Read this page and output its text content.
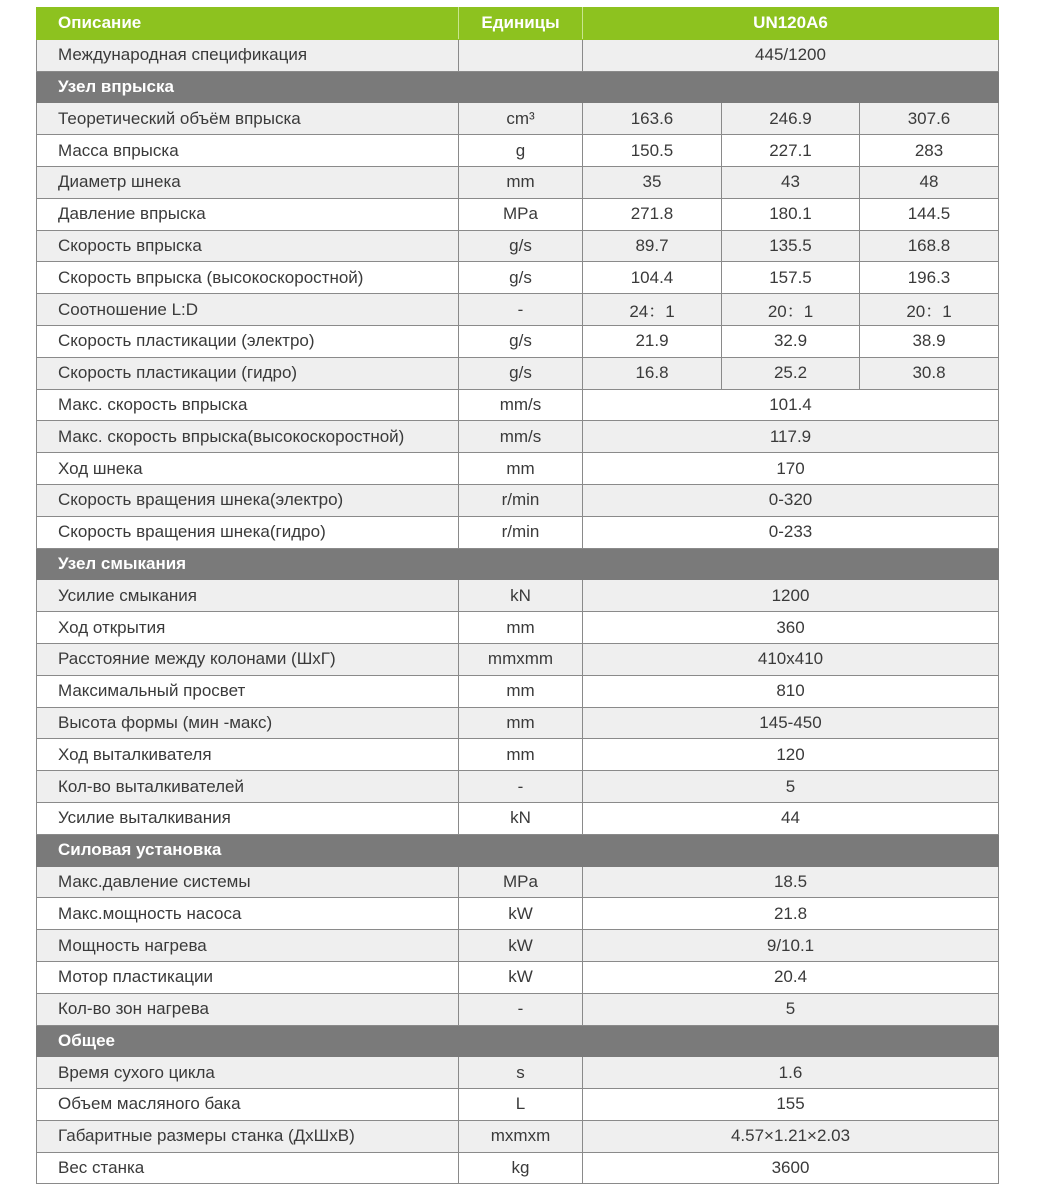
Описание	Единицы	UN120A6		
Международная спецификация		445/1200		
Узел впрыска				
Теоретический объём впрыска	cm³	163.6	246.9	307.6
Масса впрыска	g	150.5	227.1	283
Диаметр шнека	mm	35	43	48
Давление впрыска	MPa	271.8	180.1	144.5
Скорость впрыска	g/s	89.7	135.5	168.8
Скорость впрыска (высокоскоростной)	g/s	104.4	157.5	196.3
Соотношение L:D	-	24：1	20：1	20：1
Скорость пластикации (электро)	g/s	21.9	32.9	38.9
Скорость пластикации (гидро)	g/s	16.8	25.2	30.8
Макс. скорость впрыска	mm/s	101.4		
Макс. скорость впрыска(высокоскоростной)	mm/s	117.9		
Ход шнека	mm	170		
Скорость вращения шнека(электро)	r/min	0-320		
Скорость вращения шнека(гидро)	r/min	0-233		
Узел смыкания				
Усилие смыкания	kN	1200		
Ход открытия	mm	360		
Расстояние между колонами (ШхГ)	mmxmm	410x410		
Максимальный просвет	mm	810		
Высота формы (мин -макс)	mm	145-450		
Ход выталкивателя	mm	120		
Кол-во выталкивателей	-	5		
Усилие выталкивания	kN	44		
Силовая установка				
Макс.давление системы	MPa	18.5		
Макс.мощность насоса	kW	21.8		
Мощность нагрева	kW	9/10.1		
Мотор пластикации	kW	20.4		
Кол-во зон нагрева	-	5		
Общее				
Время сухого цикла	s	1.6		
Объем масляного бака	L	155		
Габаритные размеры станка (ДхШхВ)	mxmxm	4.57×1.21×2.03		
Вес станка	kg	3600		
